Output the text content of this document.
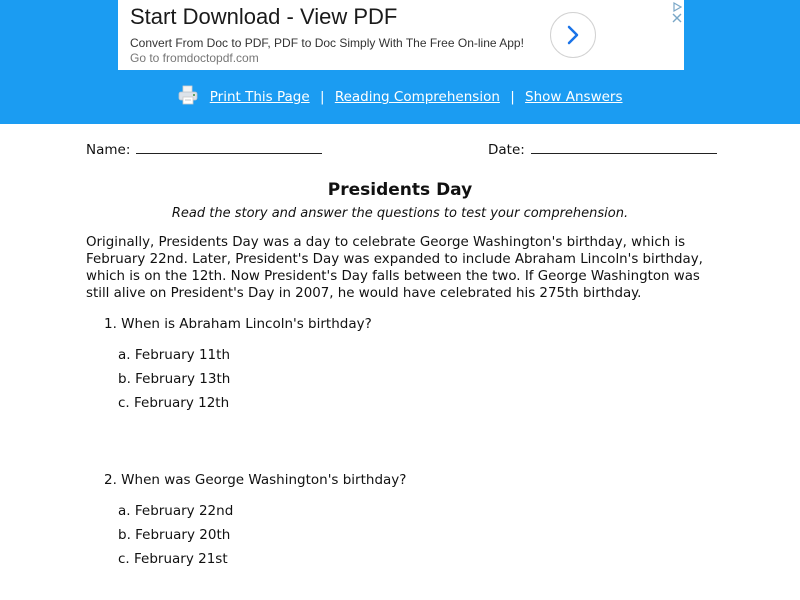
Start Download - View PDF
Convert From Doc to PDF, PDF to Doc Simply With The Free On-line App!
Go to fromdoctopdf.com
Print This Page | Reading Comprehension | Show Answers
Name:	Date:
Presidents Day
Read the story and answer the questions to test your comprehension.
Originally, Presidents Day was a day to celebrate George Washington's birthday, which is February 22nd. Later, President's Day was expanded to include Abraham Lincoln's birthday, which is on the 12th. Now President's Day falls between the two. If George Washington was still alive on President's Day in 2007, he would have celebrated his 275th birthday.
1. When is Abraham Lincoln's birthday?
a. February 11th
b. February 13th
c. February 12th
2. When was George Washington's birthday?
a. February 22nd
b. February 20th
c. February 21st
